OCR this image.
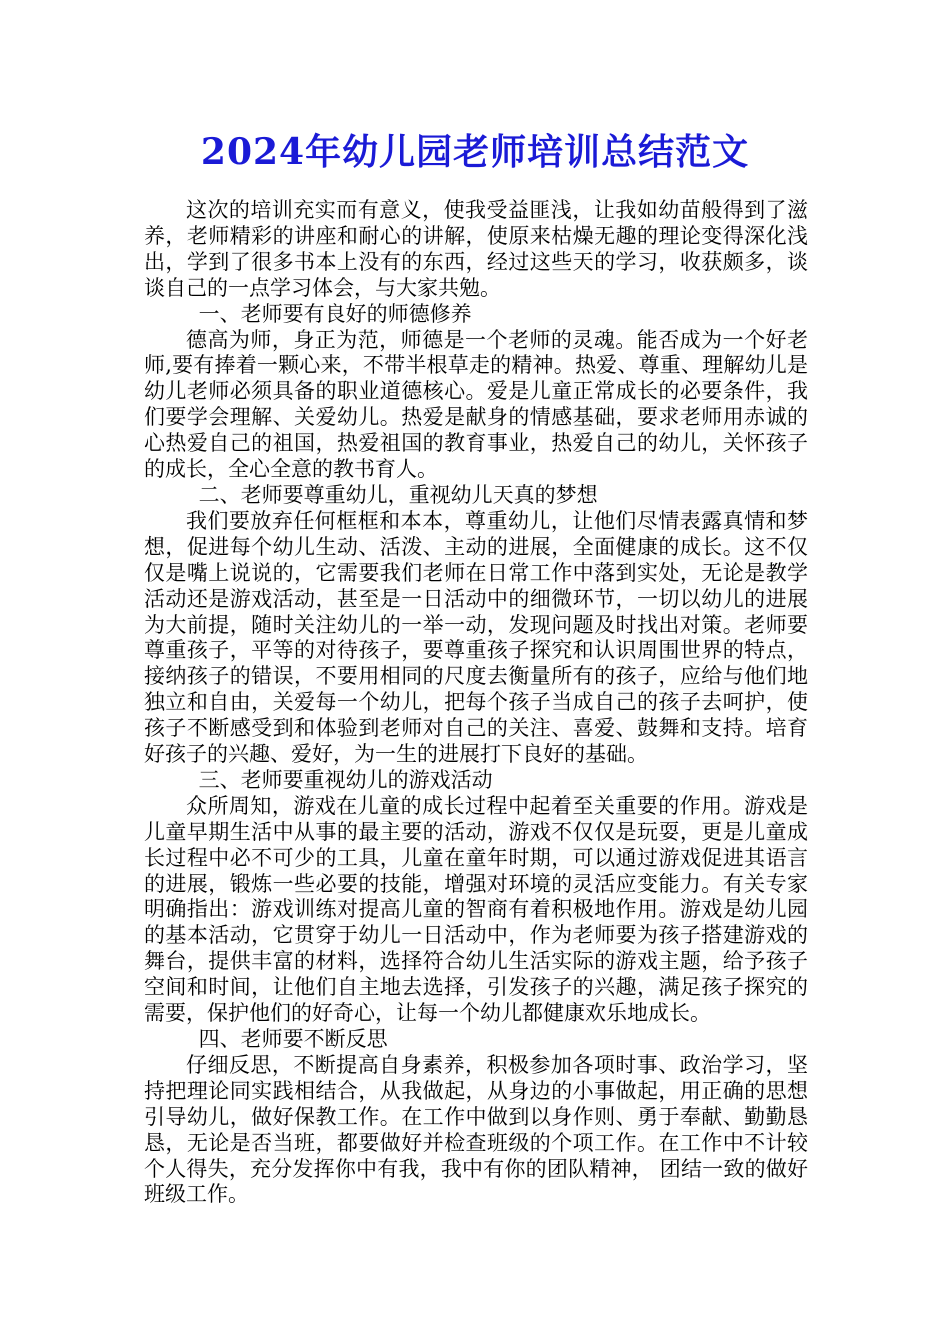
2024年幼儿园老师培训总结范文

这次的培训充实而有意义，使我受益匪浅，让我如幼苗般得到了滋养，老师精彩的讲座和耐心的讲解，使原来枯燥无趣的理论变得深化浅出，学到了很多书本上没有的东西，经过这些天的学习，收获颇多，谈谈自己的一点学习体会，与大家共勉。

一、老师要有良好的师德修养

德高为师，身正为范，师德是一个老师的灵魂。能否成为一个好老师,要有捧着一颗心来，不带半根草走的精神。热爱、尊重、理解幼儿是幼儿老师必须具备的职业道德核心。爱是儿童正常成长的必要条件，我们要学会理解、关爱幼儿。热爱是献身的情感基础，要求老师用赤诚的心热爱自己的祖国，热爱祖国的教育事业，热爱自己的幼儿，关怀孩子的成长，全心全意的教书育人。

二、老师要尊重幼儿，重视幼儿天真的梦想

我们要放弃任何框框和本本，尊重幼儿，让他们尽情表露真情和梦想，促进每个幼儿生动、活泼、主动的进展，全面健康的成长。这不仅仅是嘴上说说的，它需要我们老师在日常工作中落到实处，无论是教学活动还是游戏活动，甚至是一日活动中的细微环节，一切以幼儿的进展为大前提，随时关注幼儿的一举一动，发现问题及时找出对策。老师要尊重孩子，平等的对待孩子，要尊重孩子探究和认识周围世界的特点，接纳孩子的错误，不要用相同的尺度去衡量所有的孩子，应给与他们地独立和自由，关爱每一个幼儿，把每个孩子当成自己的孩子去呵护，使孩子不断感受到和体验到老师对自己的关注、喜爱、鼓舞和支持。培育好孩子的兴趣、爱好，为一生的进展打下良好的基础。

三、老师要重视幼儿的游戏活动

众所周知，游戏在儿童的成长过程中起着至关重要的作用。游戏是儿童早期生活中从事的最主要的活动，游戏不仅仅是玩耍，更是儿童成长过程中必不可少的工具，儿童在童年时期，可以通过游戏促进其语言的进展，锻炼一些必要的技能，增强对环境的灵活应变能力。有关专家明确指出：游戏训练对提高儿童的智商有着积极地作用。游戏是幼儿园的基本活动，它贯穿于幼儿一日活动中，作为老师要为孩子搭建游戏的舞台，提供丰富的材料，选择符合幼儿生活实际的游戏主题，给予孩子空间和时间，让他们自主地去选择，引发孩子的兴趣，满足孩子探究的需要，保护他们的好奇心，让每一个幼儿都健康欢乐地成长。

四、老师要不断反思

仔细反思，不断提高自身素养，积极参加各项时事、政治学习，坚持把理论同实践相结合，从我做起，从身边的小事做起，用正确的思想引导幼儿，做好保教工作。在工作中做到以身作则、勇于奉献、勤勤恳恳，无论是否当班，都要做好并检查班级的个项工作。在工作中不计较个人得失，充分发挥你中有我，我中有你的团队精神， 团结一致的做好班级工作。
